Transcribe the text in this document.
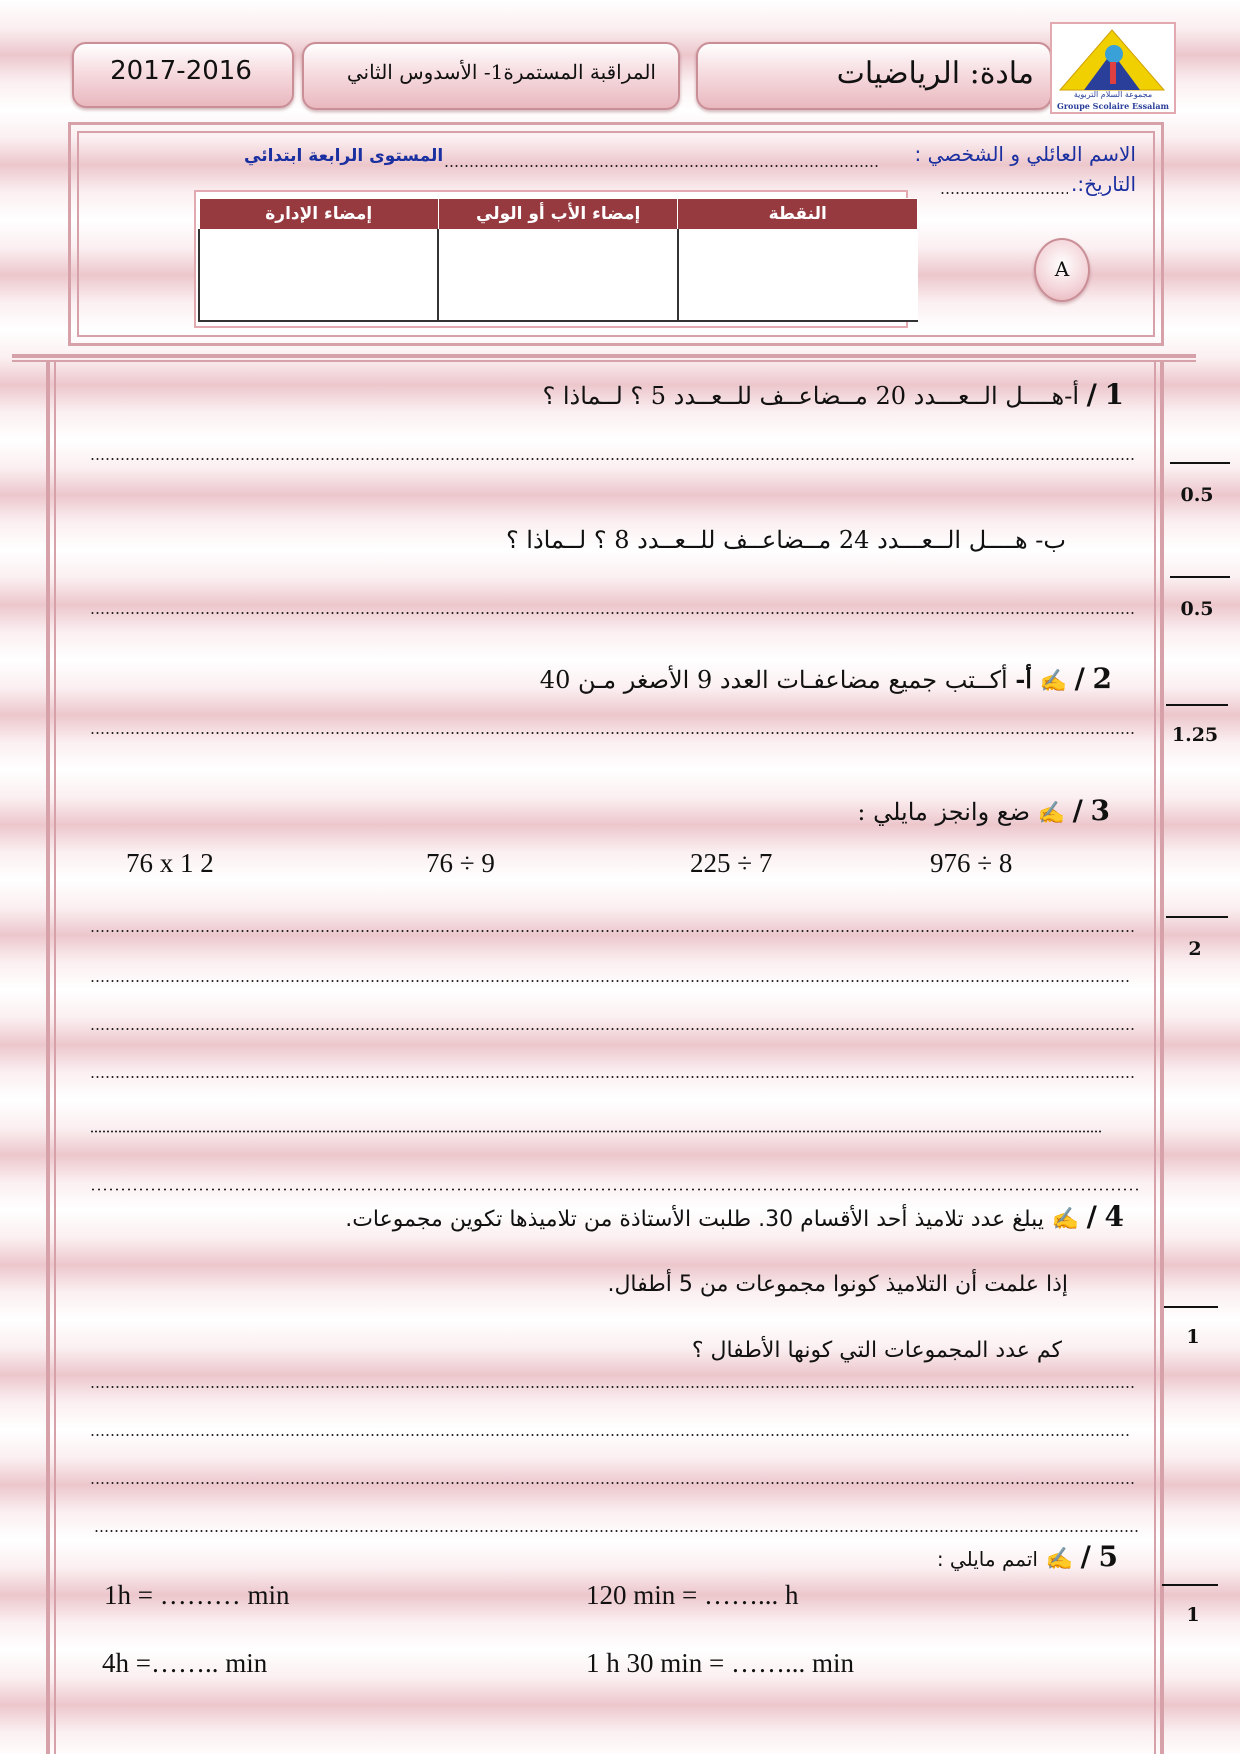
2017-2016	المراقبة المستمرة1- الأسدوس الثاني	مادة: الرياضيات
مجموعة السلام التربوية
Groupe Scolaire Essalam
الاسم العائلي و الشخصي :
المستوى الرابعة ابتدائي
التاريخ:.
إمضاء الإدارة	إمضاء الأب أو الولي	النقطة

A
0.5
0.5
1.25
2
1
1
1 / أ-هــــل الــعـــدد 20 مــضاعــف للــعــدد 5 ؟ لــماذا ؟
ب- هــــل الــعـــدد 24 مــضاعــف للــعــدد 8 ؟ لــماذا ؟
2 / ✍ أ- أكــتب جميع مضاعفـات العدد 9 الأصغر مـن 40
3 / ✍ ضع وانجز مايلي :
976 ÷ 8
225 ÷ 7
76 ÷ 9
76 x 1 2
4 / ✍ يبلغ عدد تلاميذ أحد الأقسام 30. طلبت الأستاذة من تلاميذها تكوين مجموعات.
إذا علمت أن التلاميذ كونوا مجموعات من 5 أطفال.
كم عدد المجموعات التي كونها الأطفال ؟
5 / ✍ اتمم مايلي :
120 min = ……... h
1h = ……… min
1 h 30 min = ……... min
4h =…….. min
